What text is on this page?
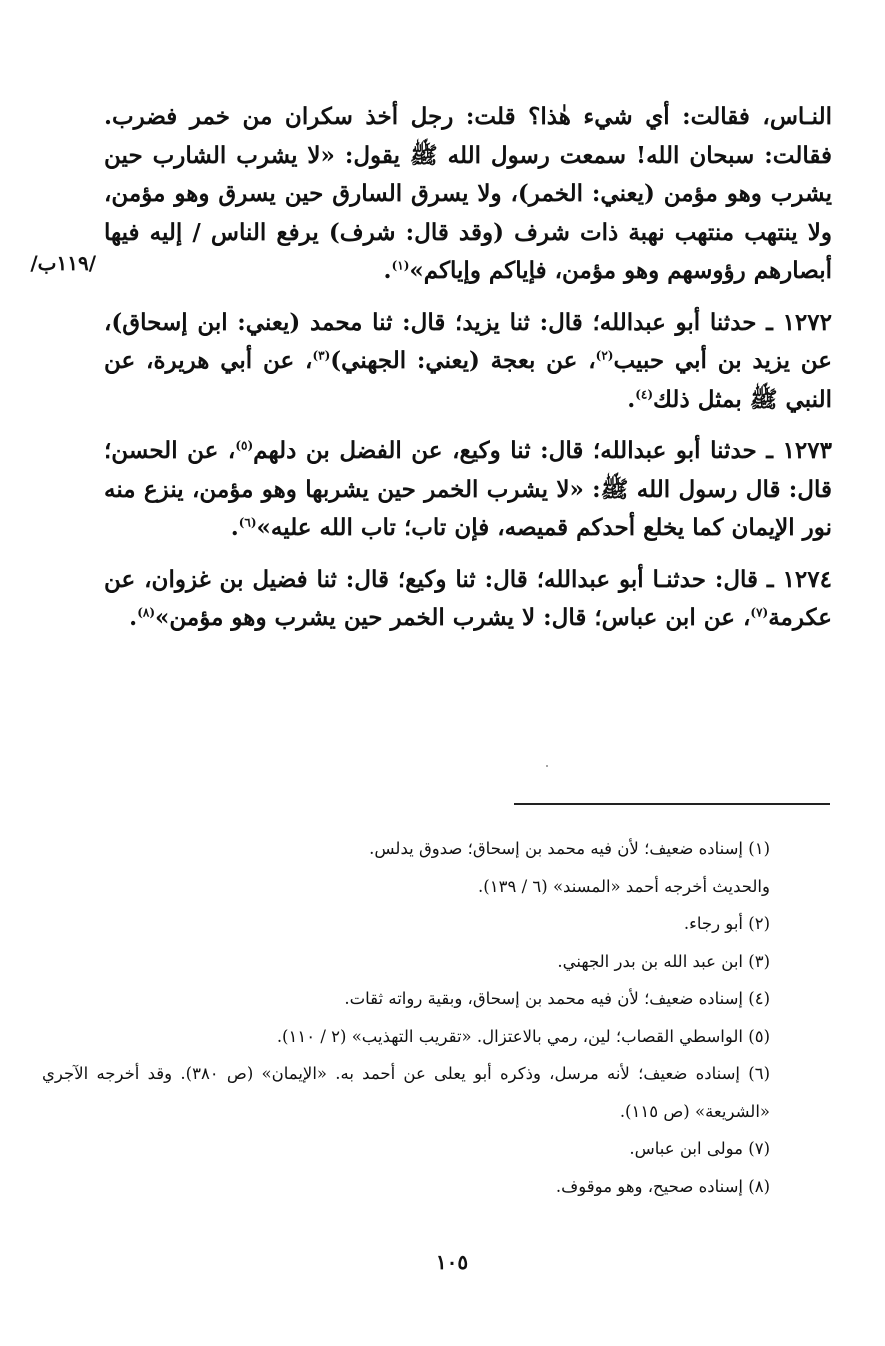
النـاس، فقالت: أي شيء هٰذا؟ قلت: رجل أخذ سكران من خمر فضرب. فقالت: سبحان الله! سمعت رسول الله ﷺ يقول: «لا يشرب الشارب حين يشرب وهو مؤمن (يعني: الخمر)، ولا يسرق السارق حين يسرق وهو مؤمن، ولا ينتهب منتهب نهبة ذات شرف (وقد قال: شرف) يرفع الناس / إليه فيها أبصارهم رؤوسهم وهو مؤمن، فإياكم وإياكم»$^{(١)}$.

١٢٧٢ ـ حدثنا أبو عبدالله؛ قال: ثنا يزيد؛ قال: ثنا محمد (يعني: ابن إسحاق)، عن يزيد بن أبي حبيب$^{(٢)}$، عن بعجة (يعني: الجهني)$^{(٣)}$، عن أبي هريرة، عن النبي ﷺ بمثل ذلك$^{(٤)}$.

١٢٧٣ ـ حدثنا أبو عبدالله؛ قال: ثنا وكيع، عن الفضل بن دلهم$^{(٥)}$، عن الحسن؛ قال: قال رسول الله ﷺ: «لا يشرب الخمر حين يشربها وهو مؤمن، ينزع منه نور الإيمان كما يخلع أحدكم قميصه، فإن تاب؛ تاب الله عليه»$^{(٦)}$.

١٢٧٤ ـ قال: حدثنـا أبو عبدالله؛ قال: ثنا وكيع؛ قال: ثنا فضيل بن غزوان، عن عكرمة$^{(٧)}$، عن ابن عباس؛ قال: لا يشرب الخمر حين يشرب وهو مؤمن»$^{(٨)}$.

/١١٩ب/

(١) إسناده ضعيف؛ لأن فيه محمد بن إسحاق؛ صدوق يدلس.

والحديث أخرجه أحمد «المسند» (٦ / ١٣٩).

(٢) أبو رجاء.

(٣) ابن عبد الله بن بدر الجهني.

(٤) إسناده ضعيف؛ لأن فيه محمد بن إسحاق، وبقية رواته ثقات.

(٥) الواسطي القصاب؛ لين، رمي بالاعتزال. «تقريب التهذيب» (٢ / ١١٠).

(٦) إسناده ضعيف؛ لأنه مرسل، وذكره أبو يعلى عن أحمد به. «الإيمان» (ص ٣٨٠). وقد أخرجه الآجري «الشريعة» (ص ١١٥).

(٧) مولى ابن عباس.

(٨) إسناده صحيح، وهو موقوف.

١٠٥
